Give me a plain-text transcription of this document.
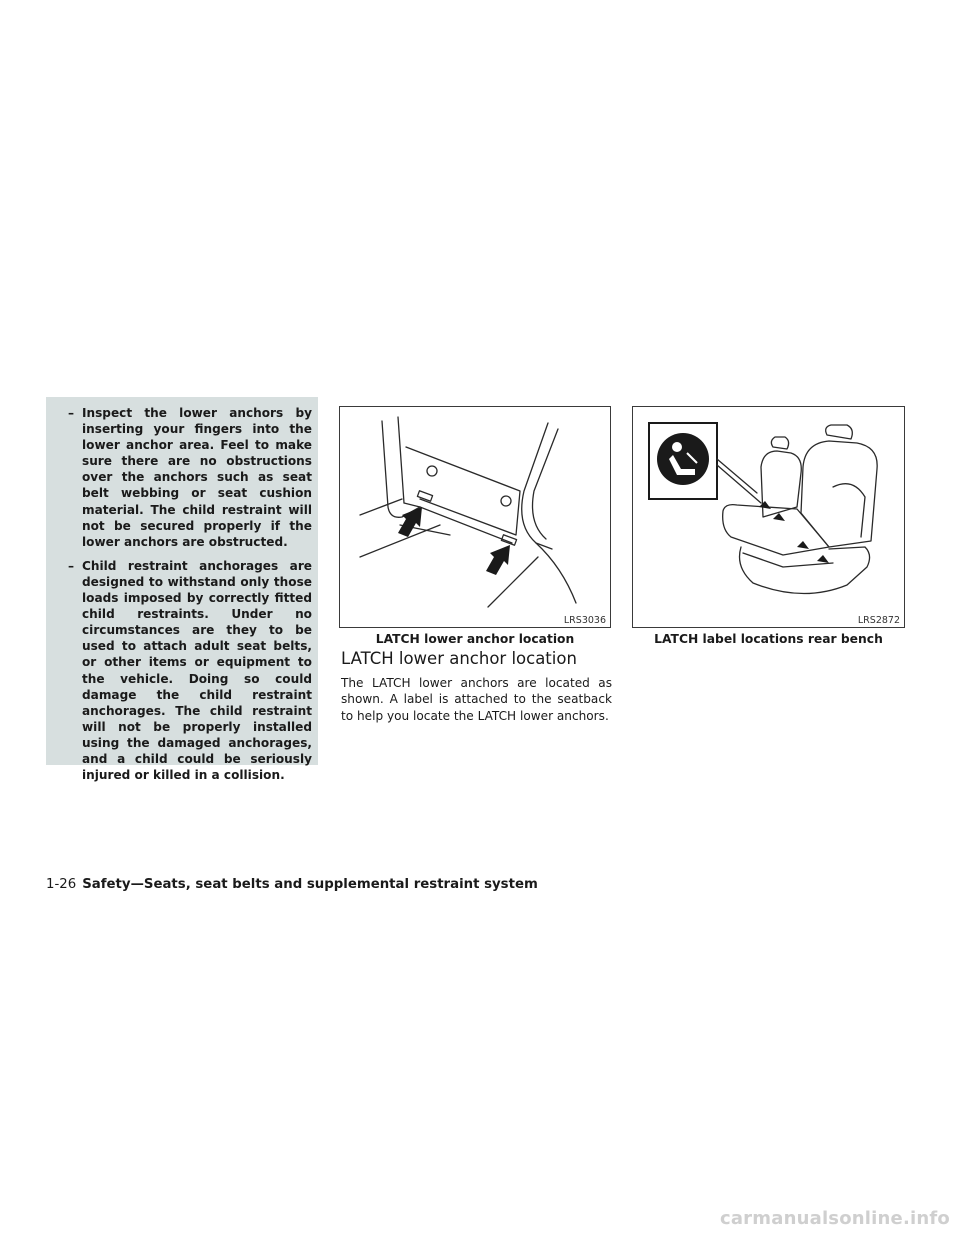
– Inspect the lower anchors by inserting your fingers into the lower anchor area. Feel to make sure there are no obstructions over the anchors such as seat belt webbing or seat cushion material. The child restraint will not be secured properly if the lower anchors are obstructed.
– Child restraint anchorages are designed to withstand only those loads imposed by correctly fitted child restraints. Under no circumstances are they to be used to attach adult seat belts, or other items or equipment to the vehicle. Doing so could damage the child restraint anchorages. The child restraint will not be properly installed using the damaged anchorages, and a child could be seriously injured or killed in a collision.
LRS3036
LATCH lower anchor location
LRS2872
LATCH label locations rear bench
LATCH lower anchor location

The LATCH lower anchors are located as shown. A label is attached to the seatback to help you locate the LATCH lower anchors.

1-26 Safety—Seats, seat belts and supplemental restraint system
carmanualsonline.info
